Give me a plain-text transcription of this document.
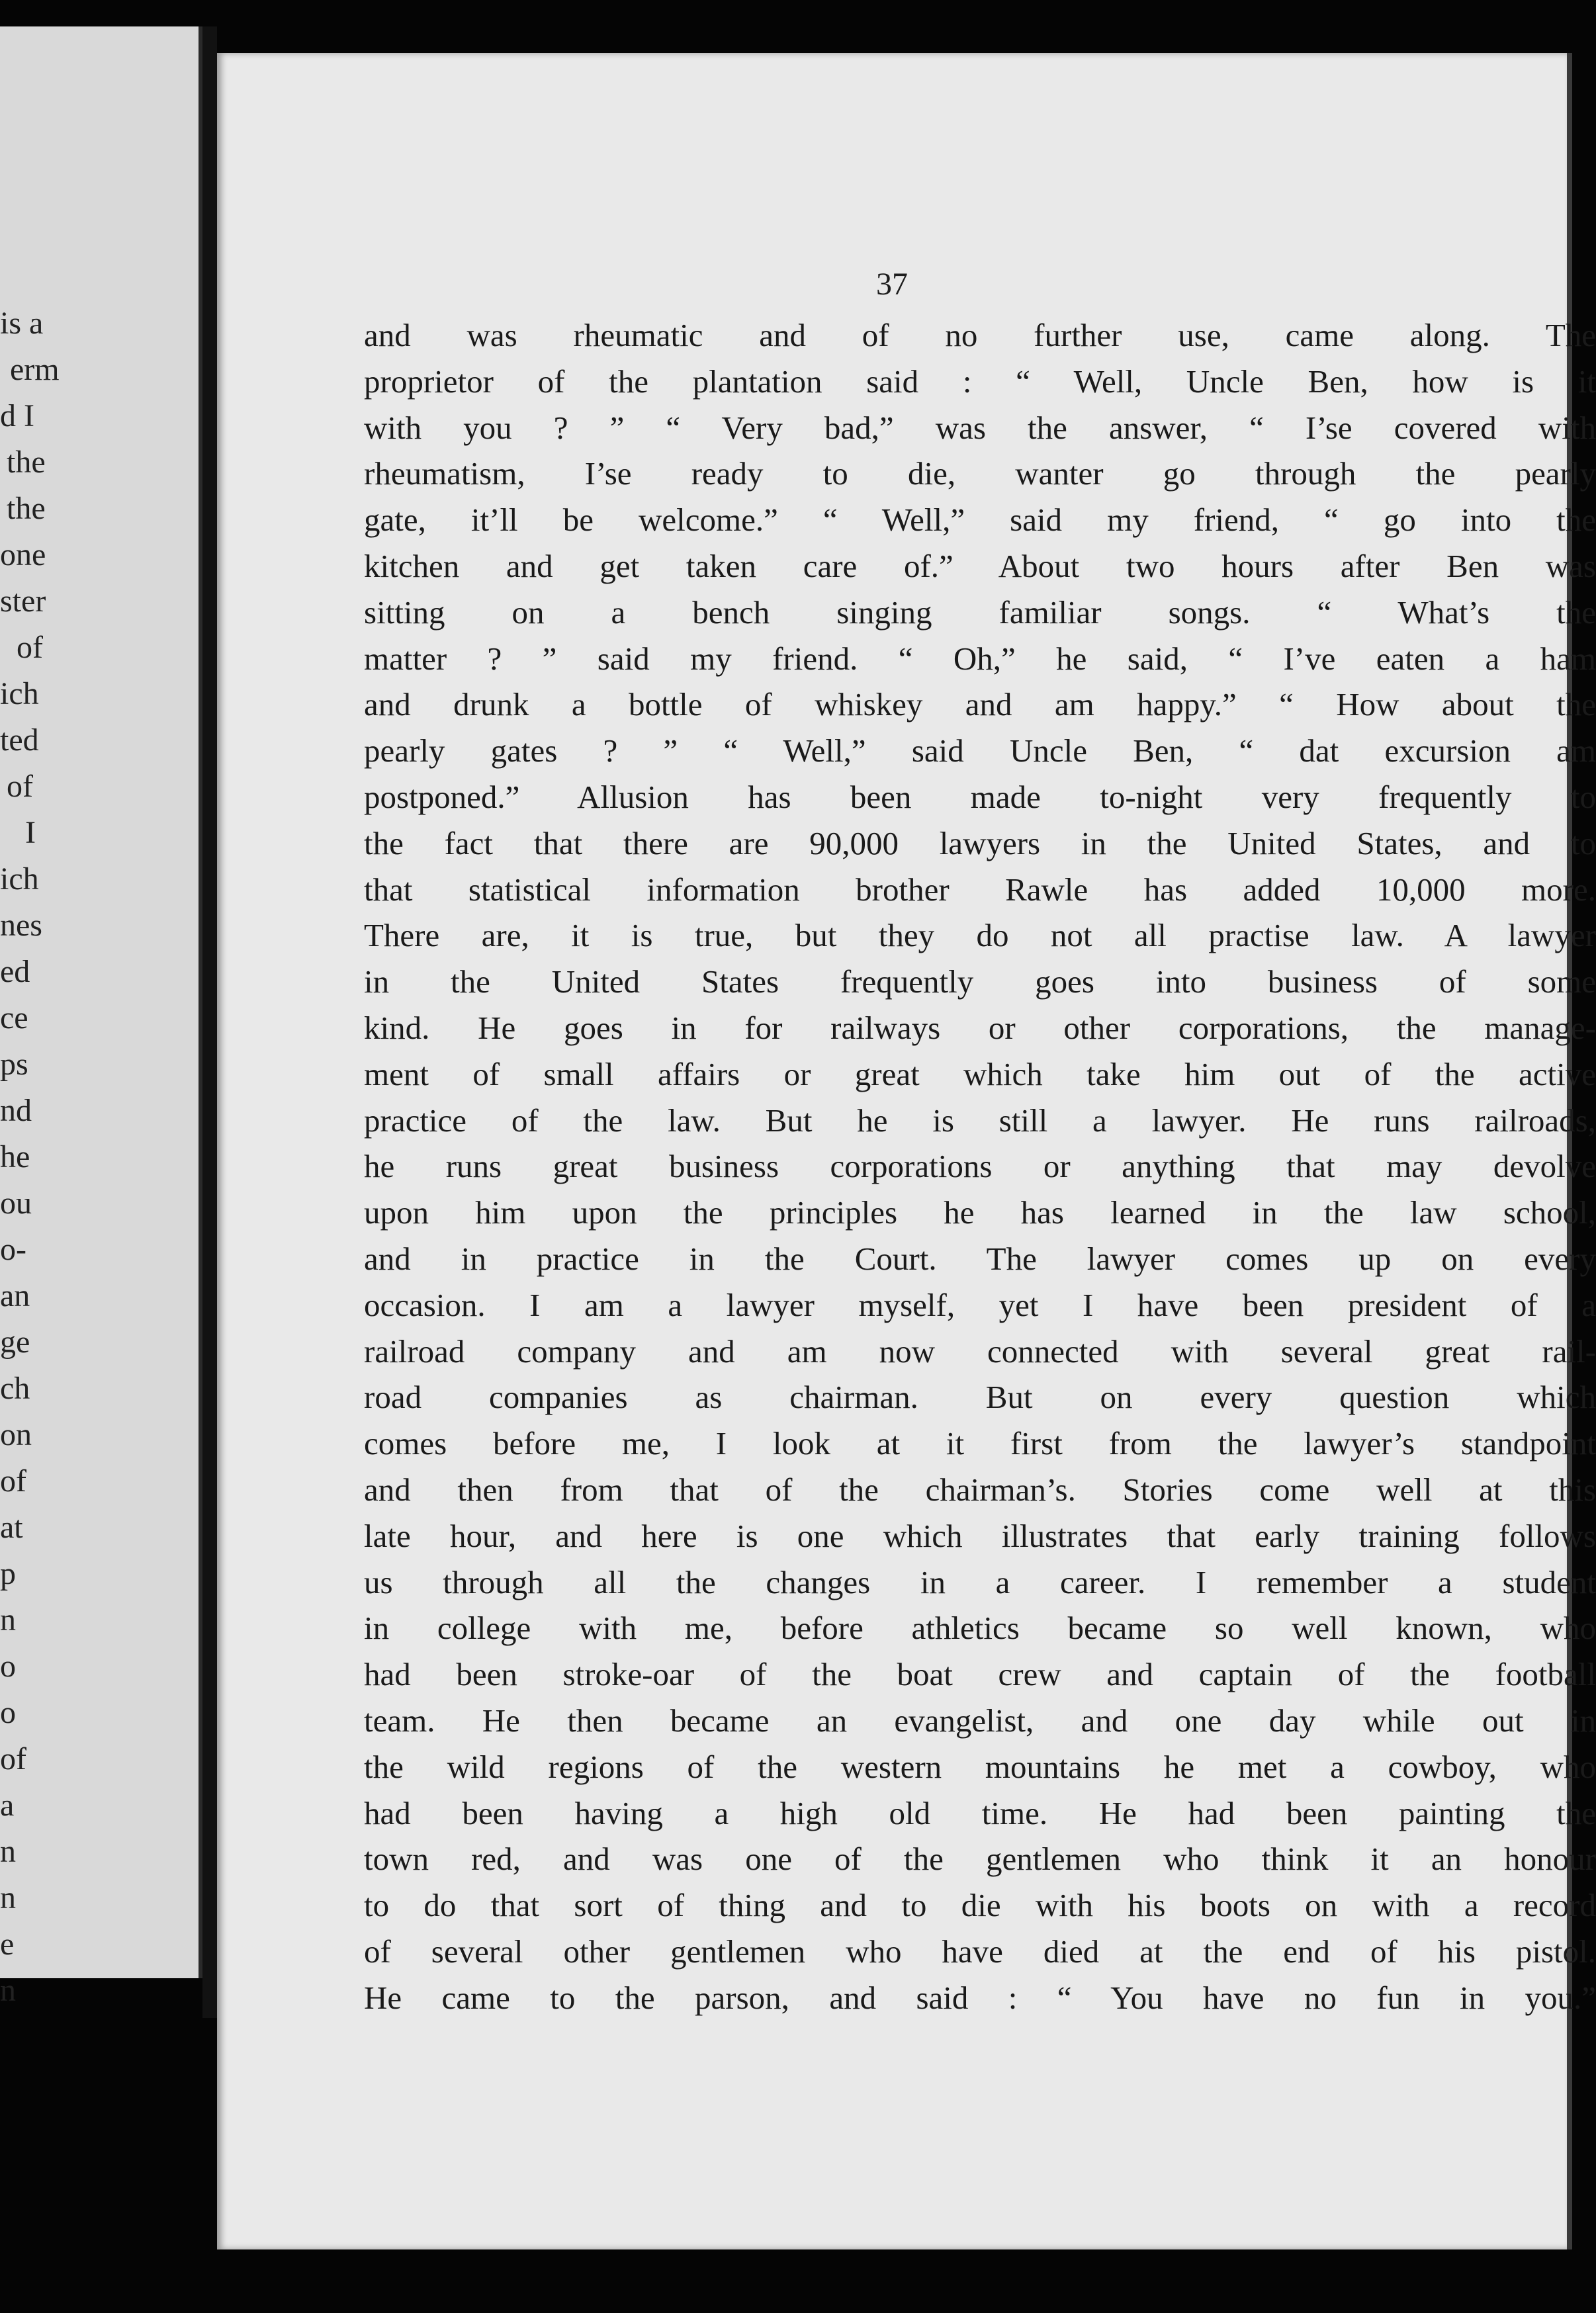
is a
erm
d I
the
the
one
ster
of
ich
ted
of
I
ich
nes
ed
ce
ps
nd
he
ou
o-
an
ge
ch
on
of
at
p
n
o
o
of
a
n
n
e
n
37
and was rheumatic and of no further use, came along. The
proprietor of the plantation said : “ Well, Uncle Ben, how is it
with you ? ” “ Very bad,” was the answer, “ I’se covered with
rheumatism, I’se ready to die, wanter go through the pearly
gate, it’ll be welcome.” “ Well,” said my friend, “ go into the
kitchen and get taken care of.” About two hours after Ben was
sitting on a bench singing familiar songs. “ What’s the
matter ? ” said my friend. “ Oh,” he said, “ I’ve eaten a ham
and drunk a bottle of whiskey and am happy.” “ How about the
pearly gates ? ” “ Well,” said Uncle Ben, “ dat excursion am
postponed.” Allusion has been made to-night very frequently to
the fact that there are 90,000 lawyers in the United States, and to
that statistical information brother Rawle has added 10,000 more.
There are, it is true, but they do not all practise law. A lawyer
in the United States frequently goes into business of some
kind. He goes in for railways or other corporations, the manage-
ment of small affairs or great which take him out of the active
practice of the law. But he is still a lawyer. He runs railroads,
he runs great business corporations or anything that may devolve
upon him upon the principles he has learned in the law school,
and in practice in the Court. The lawyer comes up on every
occasion. I am a lawyer myself, yet I have been president of a
railroad company and am now connected with several great rail-
road companies as chairman. But on every question which
comes before me, I look at it first from the lawyer’s standpoint
and then from that of the chairman’s. Stories come well at this
late hour, and here is one which illustrates that early training follows
us through all the changes in a career. I remember a student
in college with me, before athletics became so well known, who
had been stroke-oar of the boat crew and captain of the football
team. He then became an evangelist, and one day while out in
the wild regions of the western mountains he met a cowboy, who
had been having a high old time. He had been painting the
town red, and was one of the gentlemen who think it an honour
to do that sort of thing and to die with his boots on with a record
of several other gentlemen who have died at the end of his pistol.
He came to the parson, and said : “ You have no fun in you.”
